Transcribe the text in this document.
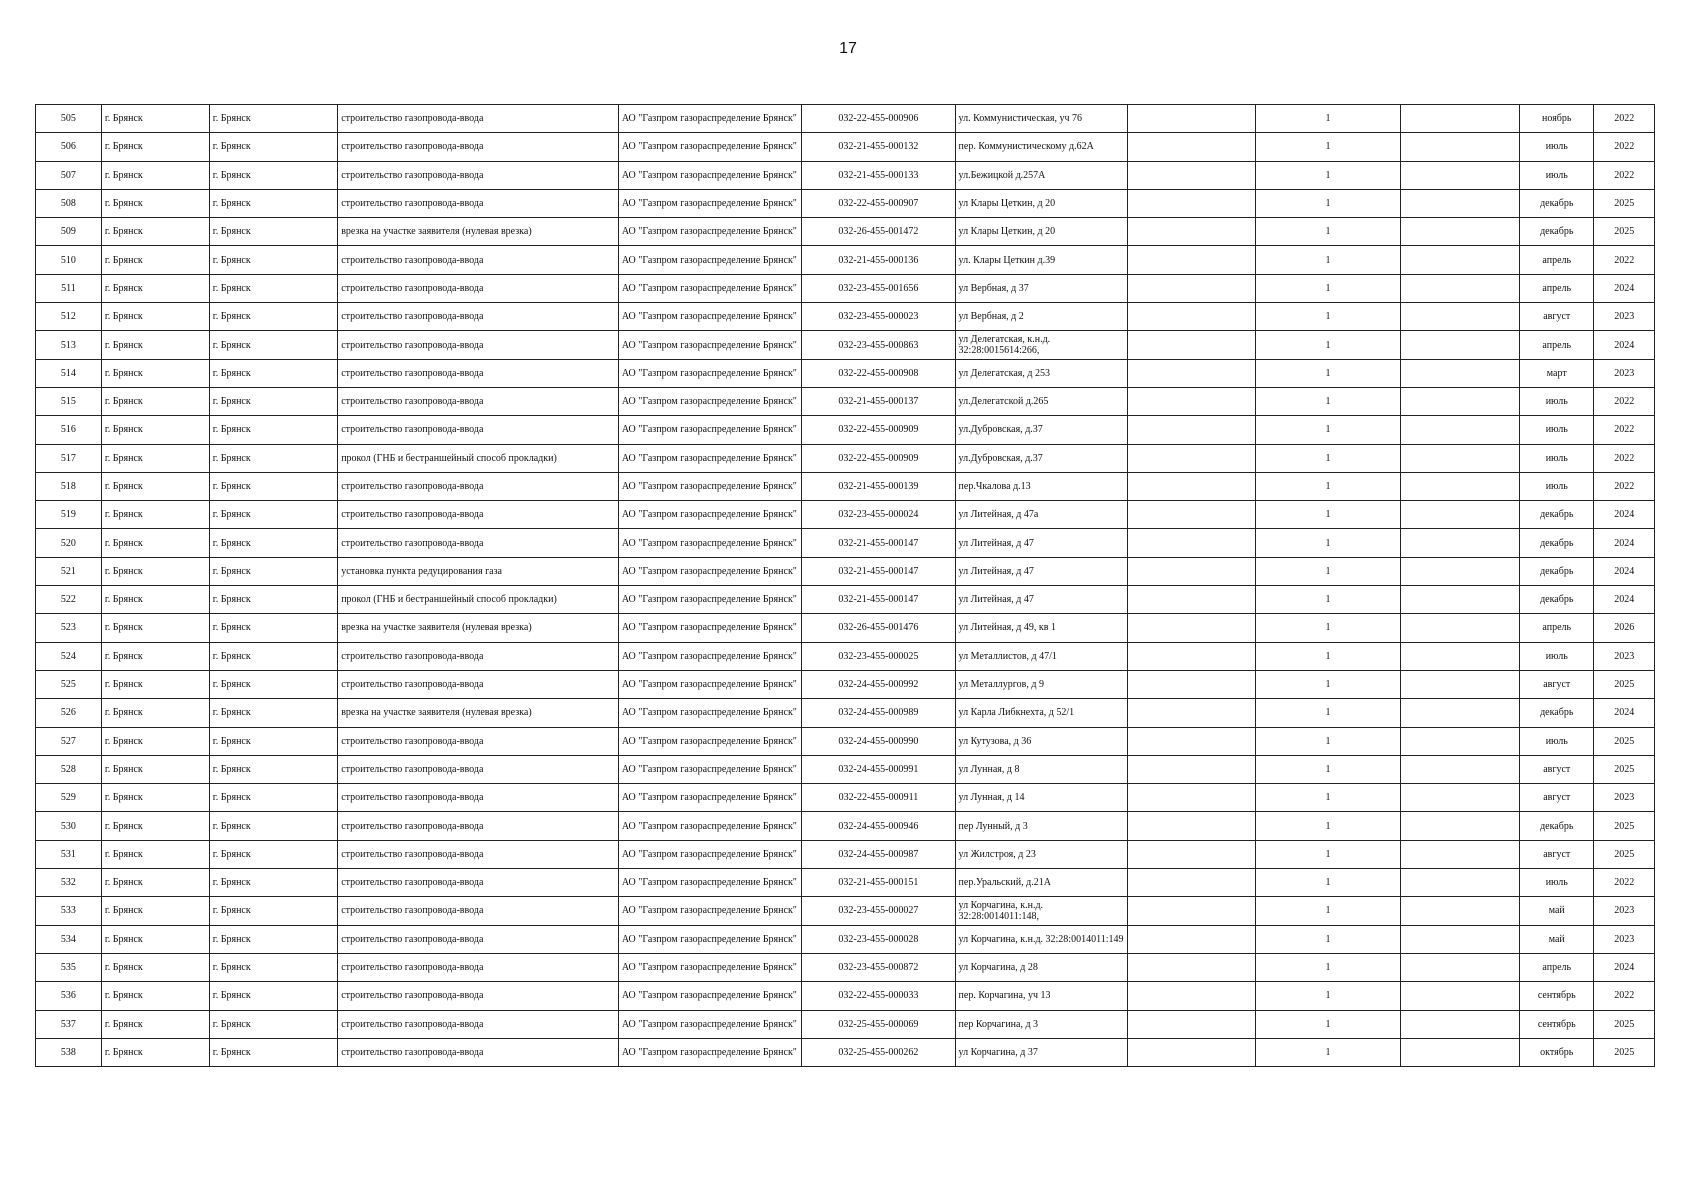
17
505	г. Брянск	г. Брянск	строительство газопровода-ввода	АО "Газпром газораспределение Брянск"	032-22-455-000906	ул. Коммунистическая, уч 76		1		ноябрь	2022
506	г. Брянск	г. Брянск	строительство газопровода-ввода	АО "Газпром газораспределение Брянск"	032-21-455-000132	пер. Коммунистическому д.62А		1		июль	2022
507	г. Брянск	г. Брянск	строительство газопровода-ввода	АО "Газпром газораспределение Брянск"	032-21-455-000133	ул.Бежицкой д.257А		1		июль	2022
508	г. Брянск	г. Брянск	строительство газопровода-ввода	АО "Газпром газораспределение Брянск"	032-22-455-000907	ул Клары Цеткин, д 20		1		декабрь	2025
509	г. Брянск	г. Брянск	врезка на участке заявителя (нулевая врезка)	АО "Газпром газораспределение Брянск"	032-26-455-001472	ул Клары Цеткин, д 20		1		декабрь	2025
510	г. Брянск	г. Брянск	строительство газопровода-ввода	АО "Газпром газораспределение Брянск"	032-21-455-000136	ул. Клары Цеткин д.39		1		апрель	2022
511	г. Брянск	г. Брянск	строительство газопровода-ввода	АО "Газпром газораспределение Брянск"	032-23-455-001656	ул Вербная, д 37		1		апрель	2024
512	г. Брянск	г. Брянск	строительство газопровода-ввода	АО "Газпром газораспределение Брянск"	032-23-455-000023	ул Вербная, д 2		1		август	2023
513	г. Брянск	г. Брянск	строительство газопровода-ввода	АО "Газпром газораспределение Брянск"	032-23-455-000863	ул Делегатская, к.н.д. 32:28:0015614:266,		1		апрель	2024
514	г. Брянск	г. Брянск	строительство газопровода-ввода	АО "Газпром газораспределение Брянск"	032-22-455-000908	ул Делегатская, д 253		1		март	2023
515	г. Брянск	г. Брянск	строительство газопровода-ввода	АО "Газпром газораспределение Брянск"	032-21-455-000137	ул.Делегатской д.265		1		июль	2022
516	г. Брянск	г. Брянск	строительство газопровода-ввода	АО "Газпром газораспределение Брянск"	032-22-455-000909	ул.Дубровская, д.37		1		июль	2022
517	г. Брянск	г. Брянск	прокол (ГНБ и бестраншейный способ прокладки)	АО "Газпром газораспределение Брянск"	032-22-455-000909	ул.Дубровская, д.37		1		июль	2022
518	г. Брянск	г. Брянск	строительство газопровода-ввода	АО "Газпром газораспределение Брянск"	032-21-455-000139	пер.Чкалова д.13		1		июль	2022
519	г. Брянск	г. Брянск	строительство газопровода-ввода	АО "Газпром газораспределение Брянск"	032-23-455-000024	ул Литейная, д 47а		1		декабрь	2024
520	г. Брянск	г. Брянск	строительство газопровода-ввода	АО "Газпром газораспределение Брянск"	032-21-455-000147	ул Литейная, д 47		1		декабрь	2024
521	г. Брянск	г. Брянск	установка пункта редуцирования газа	АО "Газпром газораспределение Брянск"	032-21-455-000147	ул Литейная, д 47		1		декабрь	2024
522	г. Брянск	г. Брянск	прокол (ГНБ и бестраншейный способ прокладки)	АО "Газпром газораспределение Брянск"	032-21-455-000147	ул Литейная, д 47		1		декабрь	2024
523	г. Брянск	г. Брянск	врезка на участке заявителя (нулевая врезка)	АО "Газпром газораспределение Брянск"	032-26-455-001476	ул Литейная, д 49, кв 1		1		апрель	2026
524	г. Брянск	г. Брянск	строительство газопровода-ввода	АО "Газпром газораспределение Брянск"	032-23-455-000025	ул Металлистов, д 47/1		1		июль	2023
525	г. Брянск	г. Брянск	строительство газопровода-ввода	АО "Газпром газораспределение Брянск"	032-24-455-000992	ул Металлургов, д 9		1		август	2025
526	г. Брянск	г. Брянск	врезка на участке заявителя (нулевая врезка)	АО "Газпром газораспределение Брянск"	032-24-455-000989	ул Карла Либкнехта, д 52/1		1		декабрь	2024
527	г. Брянск	г. Брянск	строительство газопровода-ввода	АО "Газпром газораспределение Брянск"	032-24-455-000990	ул Кутузова, д 36		1		июль	2025
528	г. Брянск	г. Брянск	строительство газопровода-ввода	АО "Газпром газораспределение Брянск"	032-24-455-000991	ул Лунная, д 8		1		август	2025
529	г. Брянск	г. Брянск	строительство газопровода-ввода	АО "Газпром газораспределение Брянск"	032-22-455-000911	ул Лунная, д 14		1		август	2023
530	г. Брянск	г. Брянск	строительство газопровода-ввода	АО "Газпром газораспределение Брянск"	032-24-455-000946	пер Лунный, д 3		1		декабрь	2025
531	г. Брянск	г. Брянск	строительство газопровода-ввода	АО "Газпром газораспределение Брянск"	032-24-455-000987	ул Жилстроя, д 23		1		август	2025
532	г. Брянск	г. Брянск	строительство газопровода-ввода	АО "Газпром газораспределение Брянск"	032-21-455-000151	пер.Уральский, д.21А		1		июль	2022
533	г. Брянск	г. Брянск	строительство газопровода-ввода	АО "Газпром газораспределение Брянск"	032-23-455-000027	ул Корчагина, к.н.д. 32:28:0014011:148,		1		май	2023
534	г. Брянск	г. Брянск	строительство газопровода-ввода	АО "Газпром газораспределение Брянск"	032-23-455-000028	ул Корчагина, к.н.д. 32:28:0014011:149		1		май	2023
535	г. Брянск	г. Брянск	строительство газопровода-ввода	АО "Газпром газораспределение Брянск"	032-23-455-000872	ул Корчагина, д 28		1		апрель	2024
536	г. Брянск	г. Брянск	строительство газопровода-ввода	АО "Газпром газораспределение Брянск"	032-22-455-000033	пер. Корчагина, уч 13		1		сентябрь	2022
537	г. Брянск	г. Брянск	строительство газопровода-ввода	АО "Газпром газораспределение Брянск"	032-25-455-000069	пер Корчагина, д 3		1		сентябрь	2025
538	г. Брянск	г. Брянск	строительство газопровода-ввода	АО "Газпром газораспределение Брянск"	032-25-455-000262	ул Корчагина, д 37		1		октябрь	2025
